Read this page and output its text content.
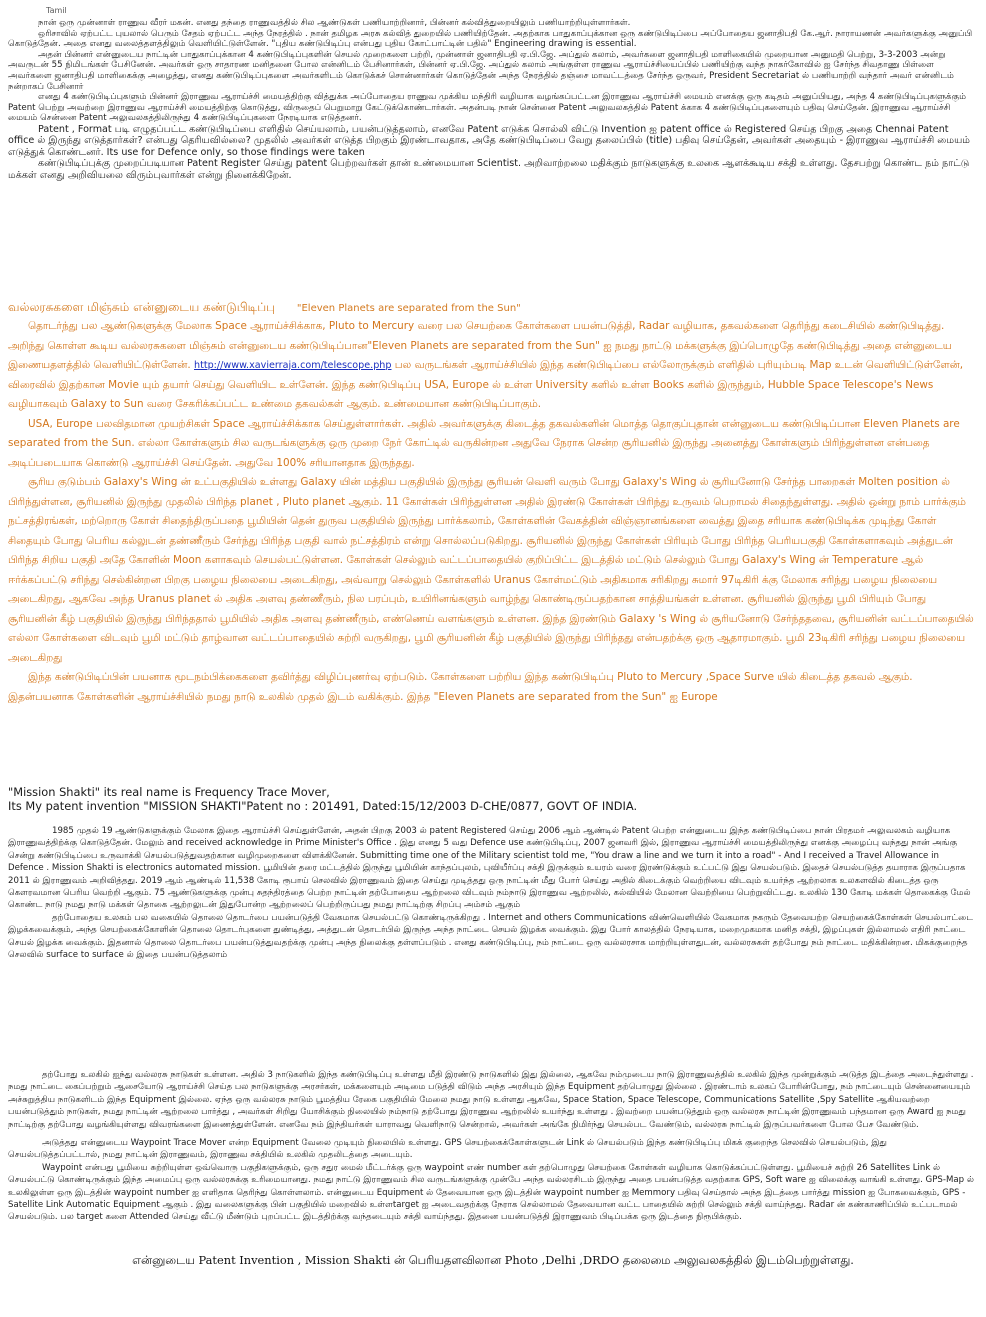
Tamil

நான் ஒரு முன்னாள் ராணுவ வீரர் மகன். எனது தந்தை ராணுவத்தில் சில ஆண்டுகள் பணியாற்றினார், பின்னர் கல்வித்துறையிலும் பணியாற்றியுள்ளார்கள்.

ஒரிசாவில் ஏற்பட்ட புயலால் பெரும் சேதம் ஏற்பட்ட அந்த நேரத்தில் . நான் தமிழக அரசு கல்வித் துறையில் பணியிற்தேன். அதற்காக பாதுகாப்புக்கான ஒரு கண்டுபிடிப்பை அப்போதைய ஜனாதிபதி கே.ஆர். நாராயணன் அவர்களுக்கு அனுப்பி கொடுத்தேன். அதை எனது வலைத்தளத்திலும் வெளியிட்டுள்ளேன். "புதிய கண்டுபிடிப்பு என்பது புதிய கோட்பாட்டின் பதில்" Engineering drawing is essential.

அதன் பின்னர் என்னுடைய நாட்டின் பாதுகாப்புக்கான 4 கண்டுபிடிப்புகளின் செயல் முறைகளை பற்றி, முன்னாள் ஜனாதிபதி ஏ.பி.ஜே. அப்துல் கலாம், அவர்களை ஜனாதிபதி மாளிகையில் முறையான அனுமதி பெற்று, 3-3-2003 அன்று அவருடன் 55 நிமிடங்கள் பேசினேன். அவர்கள் ஒரு சாதாரண மனிதனை போல என்னிடம் பேசினார்கள், பின்னர் ஏ.பி.ஜே. அப்துல் கலாம் அங்குள்ள ராணுவ ஆராய்ச்சியைப்பில் பணியிற்கு வந்த நாகர்கோவில் ஐ சேர்ந்த சிவதாணு பிள்ளை அவர்களை ஜனாதிபதி மாளிகைக்கு அழைத்து, எனது கண்டுபிடிப்புகளை அவர்களிடம் கொடுக்கச் சொன்னார்கள் கொடுத்தேன் அந்த நேரத்தில் தஞ்சை மாவட்டத்தை சேர்ந்த ஒருவர், President Secretariat ல் பணியாற்றி வந்தார் அவர் என்னிடம் நன்றாகப் பேசினார்

எனது 4 கண்டுபிடிப்புகளும் பின்னர் இராணுவ ஆராய்ச்சி மையத்திற்கு வித்துக்க அப்போதைய ராணுவ முக்கிய மந்திரி வழியாக வழங்கப்பட்டன இராணுவ ஆராய்ச்சி மையம் எனக்கு ஒரு கடிதம் அனுப்பியது, அந்த 4 கண்டுபிடிப்புகளுக்கும் Patent பெற்று அவற்றை இராணுவ ஆராய்ச்சி மையத்திற்கு கொடுத்து, விருதைப் பெறுமாறு கேட்டுக்கொண்டார்கள். அதன்படி நான் சென்னை Patent அலுவலகத்தில் Patent க்காக 4 கண்டுபிடிப்புகளையும் பதிவு செய்தேன். இராணுவ ஆராய்ச்சி மையம் சென்னை Patent அலுவலகத்திலிருந்து 4 கண்டுபிடிப்புகளை நேரடியாக எடுத்தனர்.

Patent , Format படி எழுதப்பட்ட கண்டுபிடிப்பை எளிதில் செய்யலாம், பயன்படுத்தலாம், எனவே Patent எடுக்க சொல்லி விட்டு Invention ஐ patent office ல் Registered செய்த பிறகு அதை Chennai Patent office ல் இருந்து எடுத்தார்கள்? என்பது தெரியவில்லை? முதலில் அவர்கள் எடுத்த பிறகும் இரண்டாவதாக, அதே கண்டுபிடிப்பை வேறு தலைப்பில் (title) பதிவு செய்தேன், அவர்கள் அதையும் - இராணுவ ஆராய்ச்சி மையம் எடுத்துக் கொண்டனர். Its use for Defence only, so those findings were taken

கண்டுபிடிப்புக்கு முறைப்படியான Patent Register செய்து patent பெற்றவர்கள் தான் உண்மையான Scientist. அறிவாற்றலை மதிக்கும் நாடுகளுக்கு உலகை ஆளக்கூடிய சக்தி உள்ளது. தேசபற்று கொண்ட நம் நாட்டு மக்கள் எனது அறிவியலை விரும்புவார்கள் என்று நினைக்கிறேன்.

வல்லரசுகளை மிஞ்சும் என்னுடைய கண்டுபிடிப்பு "Eleven Planets are separated from the Sun"

தொடர்ந்து பல ஆண்டுகளுக்கு மேலாக Space ஆராய்ச்சிக்காக, Pluto to Mercury வரை பல செயற்கை கோள்களை பயன்படுத்தி, Radar வழியாக, தகவல்களை தெரிந்து கடைசியில் கண்டுபிடித்து. அறிந்து கொள்ள கூடிய வல்லரசுகளை மிஞ்சும் என்னுடைய கண்டுபிடிப்பான"Eleven Planets are separated from the Sun" ஐ நமது நாட்டு மக்களுக்கு இப்பொழுதே கண்டுபிடித்து அதை என்னுடைய இணையதளத்தில் வெளியிட்டுள்ளேன். http://www.xavierraja.com/telescope.php பல வருடங்கள் ஆராய்ச்சியில் இந்த கண்டுபிடிப்பை எல்லோருக்கும் எளிதில் புரியும்படி Map உடன் வெளியிட்டுள்ளேன், விரைவில் இதற்கான Movie யும் தயார் செய்து வெளியிட உள்ளேன். இந்த கண்டுபிடிப்பு USA, Europe ல் உள்ள University களில் உள்ள Books களில் இருந்தும், Hubble Space Telescope's News வழியாகவும் Galaxy to Sun வரை சேகரிக்கப்பட்ட உண்மை தகவல்கள் ஆகும். உண்மையான கண்டுபிடிப்பாகும்.

USA, Europe பலவிதமான முயற்சிகள் Space ஆராய்ச்சிக்காக செய்துள்ளார்கள். அதில் அவர்களுக்கு கிடைத்த தகவல்களின் மொத்த தொகுப்புதான் என்னுடைய கண்டுபிடிப்பான Eleven Planets are separated from the Sun. எல்லா கோள்களும் சில வருடங்களுக்கு ஒரு முறை நேர் கோட்டில் வருகின்றன அதுவே நேராக சென்ற சூரியனில் இருந்து அனைத்து கோள்களும் பிரிந்துள்ளன என்பதை அடிப்படையாக கொண்டு ஆராய்ச்சி செய்தேன். அதுவே 100% சரியானதாக இருந்தது.

சூரிய குடும்பம் Galaxy's Wing ன் உட்பகுதியில் உள்ளது Galaxy யின் மத்திய பகுதியில் இருந்து சூரியன் வெளி வரும் போது Galaxy's Wing ல் சூரியனோடு சேர்ந்த பாறைகள் Molten position ல் பிரிந்துள்ளன, சூரியனில் இருந்து முதலில் பிரிந்த planet , Pluto planet ஆகும். 11 கோள்கள் பிரிந்துள்ளன அதில் இரண்டு கோள்கள் பிரிந்து உருவம் பெறாமல் சிதைந்துள்ளது. அதில் ஒன்று நாம் பார்க்கும் நட்சத்திரங்கள், மற்றொரு கோள் சிதைந்திருப்பதை பூமியின் தென் துருவ பகுதியில் இருந்து பார்க்கலாம், கோள்களின் வேகத்தின் விஞ்ஞானங்களை வைத்து இதை சரியாக கண்டுபிடிக்க முடிந்து கோள் சிதையும் போது பெரிய கல்லுடன் தண்ணீரும் சேர்ந்து பிரிந்த பகுதி வால் நட்சத்திரம் என்று சொல்லப்படுகிறது. சூரியனில் இருந்து கோள்கள் பிரியும் போது பிரிந்த பெரியபகுதி கோள்களாகவும் அத்துடன் பிரிந்த சிறிய பகுதி அதே கோளின் Moon களாகவும் செயல்பட்டுள்ளன. கோள்கள் செல்லும் வட்டப்பாதையில் குறிப்பிட்ட இடத்தில் மட்டும் செல்லும் போது Galaxy's Wing ன் Temperature ஆல் ஈர்க்கப்பட்டு சரிந்து செல்கின்றன பிறகு பழைய நிலையை அடைகிறது, அவ்வாறு செல்லும் கோள்களில் Uranus கோள்மட்டும் அதிகமாக சரிகிறது சுமார் 97டிகிரி க்கு மேலாக சரிந்து பழைய நிலையை அடைகிறது, ஆகவே அந்த Uranus planet ல் அதிக அளவு தண்ணீரும், நில பரப்பும், உயிரினங்களும் வாழ்ந்து கொண்டிருப்பதற்கான சாத்தியங்கள் உள்ளன. சூரியனில் இருந்து பூமி பிரியும் போது சூரியனின் கீழ் பகுதியில் இருந்து பிரிந்ததால் பூமியில் அதிக அளவு தண்ணீரும், எண்ணெய் வளங்களும் உள்ளன. இந்த இரண்டும் Galaxy 's Wing ல் சூரியனோடு சேர்ந்ததவை, சூரியனின் வட்டப்பாதையில் எல்லா கோள்களை விடவும் பூமி மட்டும் தாழ்வான வட்டப்பாதையில் சுற்றி வருகிறது, பூமி சூரியனின் கீழ் பகுதியில் இருந்து பிரிந்தது என்பதற்க்கு ஒரு ஆதாரமாகும். பூமி 23டிகிரி சரிந்து பழைய நிலையை அடைகிறது

இந்த கண்டுபிடிப்பின் பயனாக மூடநம்பிக்கைகளை தவிர்த்து விழிப்புணர்வு ஏற்படும். கோள்களை பற்றிய இந்த கண்டுபிடிப்பு Pluto to Mercury ,Space Surve யில் கிடைத்த தகவல் ஆகும். இதன்பயனாக கோள்களின் ஆராய்ச்சியில் நமது நாடு உலகில் முதல் இடம் வகிக்கும். இந்த "Eleven Planets are separated from the Sun" ஐ Europe

"Mission Shakti" its real name is Frequency Trace Mover,
Its My patent invention "MISSION SHAKTI"Patent no : 201491, Dated:15/12/2003 D-CHE/0877, GOVT OF INDIA.

1985 முதல் 19 ஆண்டுகளுக்கும் மேலாக இதை ஆராய்ச்சி செய்துள்ளேன், அதன் பிறகு 2003 ல் patent Registered செய்து 2006 ஆம் ஆண்டில் Patent பெற்ற என்னுடைய இந்த கண்டுபிடிப்பை நான் பிரதமர் அலுவலகம் வழியாக இராணுவத்திற்க்கு கொடுத்தேன். மேலும் and received acknowledge in Prime Minister's Office . இது எனது 5 வது Defence use கண்டுபிடிப்பு, 2007 ஜனவரி இல், இராணுவ ஆராய்ச்சி மையத்திலிருந்து எனக்கு அழைப்பு வந்தது நான் அங்கு சென்று கண்டுபிடிப்பை உருவாக்கி செயல்படுத்துவதற்கான வழிமுறைகளை விளக்கினேன். Submitting time one of the Military scientist told me, "You draw a line and we turn it into a road" - And I received a Travel Allowance in Defence . Mission Shakti is electronics automated mission. பூமியின் தரை மட்டத்தில் இருந்து பூமியின் காந்தப்புலம், புவியீர்ப்பு சக்தி இருக்கும் உயரம் வரை இரண்டுக்கும் உட்பட்டு இது செயல்படும். இதைச் செயல்படுத்த தயாராக இருப்பதாக 2011 ல் இராணுவம் அறிவித்தது. 2019 ஆம் ஆண்டில் 11,538 கோடி ரூபாய் செலவில் இராணுவம் இதை செய்து முடித்தது ஒரு நாட்டின் மீது போர் செய்து அதில் கிடைக்கும் வெற்றியை விடவும் உயர்ந்த ஆற்றலாக உலகளவில் கிடைத்த ஒரு கௌரவமான பெரிய வெற்றி ஆகும். 75 ஆண்டுகளுக்கு முன்பு சுதந்திரத்தை பெற்ற நாட்டின் தற்போதைய ஆற்றலை விடவும் நம்நாடு இராணுவ ஆற்றலில், கல்வியில் மேலான வெற்றியை பெற்றுவிட்டது. உலகில் 130 கோடி மக்கள் தொகைக்கு மேல் கொண்ட நாடு நமது நாடு மக்கள் தொகை ஆற்றலுடன் இதுபோன்ற ஆற்றலைப் பெற்றிருப்பது நமது நாட்டிற்கு சிறப்பு அம்சம் ஆகும்

தற்போதைய உலகம் பல வகையில் தொலை தொடர்பை பயன்படுத்தி வேகமாக செயல்பட்டு கொண்டிருக்கிறது . Internet and others Communications விண்வெளியில் வேகமாக நகரும் தேவையற்ற செயற்கைக்கோள்கள் செயல்பாட்டை இழக்கவைக்கும், அந்த செயற்கைக்கோளின் தொலை தொடர்புகளை துண்டித்து, அத்துடன் தொடர்பில் இருந்த அந்த நாட்டை செயல் இழக்க வைக்கும். இது போர் காலத்தில் நேரடியாக, மறைமுகமாக மனித சக்தி, இழப்புகள் இல்லாமல் எதிரி நாட்டை செயல் இழக்க வைக்கும். இதனால் தொலை தொடர்பை பயன்படுத்துவதற்க்கு முன்பு அந்த நிலைக்கு தள்ளப்படும் . எனது கண்டுபிடிப்பு, நம் நாட்டை ஒரு வல்லரசாக மாற்றியுள்ளதுடன், வல்லரசுகள் தற்போது நம் நாட்டை மதிக்கின்றன. மிகக்குறைந்த செலவில் surface to surface ல் இதை பயன்படுத்தலாம்

தற்போது உலகில் ஐந்து வல்லரசு நாடுகள் உள்ளன. அதில் 3 நாடுகளில் இந்த கண்டுபிடிப்பு உள்ளது மீதி இரண்டு நாடுகளில் இது இல்லை, ஆகவே நம்முடைய நாடு இராணுவத்தில் உலகில் இந்த முன்றுக்கும் அடுத்த இடத்தை அடைந்துள்ளது . நமது நாட்டை கைப்பற்றும் ஆசையோடு ஆராய்ச்சி செய்த பல நாடுகளுக்கு அரசர்கள், மக்களையும் அடிமை படுத்தி விடும் அந்த அரசியும் இந்த Equipment தற்பொழுது இல்லை . இரண்டாம் உலகப் போரின்போது, நம் நாட்டையும் சென்னையையும் அச்சுறுத்திய நாடுகளிடம் இந்த Equipment இல்லை. ஏந்த ஒரு வல்லரசு நாடும் பூமத்திய ரேகை பகுதியில் மேலை நமது நாடு உள்ளது ஆகவே, Space Station, Space Telescope, Communications Satellite ,Spy Satellite ஆகியவற்றை பயன்படுத்தும் நாடுகள், நமது நாட்டின் ஆற்றலை பார்த்து , அவர்கள் சிறிது யோசிக்கும் நிலையில் நம்நாடு தற்போது இராணுவ ஆற்றலில் உயர்ந்து உள்ளது . இவற்றை பயன்படுத்தும் ஒரு வல்லரசு நாட்டின் இராணுவம் பந்தமான ஒரு Award ஐ நமது நாட்டிற்கு தற்போது வழங்கியுள்ளது விவரங்களை இணைத்துள்ளேன். எனவே நம் இந்தியர்கள் யாராவது வெளிநாடு சென்றால், அவர்கள் அங்கே நிமிர்ந்து செயல்பட வேண்டும், வல்லரசு நாட்டில் இருப்பவர்களை போல பேச வேண்டும்.

அடுத்தது என்னுடைய Waypoint Trace Mover என்ற Equipment வேலை முடியும் நிலையில் உள்ளது. GPS செயற்கைக்கோள்களுடன் Link ல் செயல்படும் இந்த கண்டுபிடிப்பு மிகக் குறைந்த செலவில் செயல்படும், இது செயல்படுத்தப்பட்டால், நமது நாட்டின் இராணுவம், இராணுவ சக்தியில் உலகில் முதலிடத்தை அடையும்.

Waypoint என்பது பூமியை சுற்றியுள்ள ஒவ்வொரு பகுதிகளுக்கும், ஒரு சதுர மைல் மீட்டர்க்கு ஒரு waypoint எண் number கள் தற்பொழுது செயற்கை கோள்கள் வழியாக கொடுக்கப்பட்டுள்ளது. பூமியைச் சுற்றி 26 Satellites Link ல் செயல்பட்டு கொண்டிருக்கும் இந்த அமைப்பு ஒரு வல்லரசுக்கு உரிமையானது. நமது நாட்டு இராணுவம் சில வருடங்களுக்கு முன்பே அந்த வல்லரசிடம் இருந்து அதை பயன்படுத்த வதற்காக GPS, Soft ware ஐ விலைக்கு வாங்கி உள்ளது. GPS-Map ல் உலகிலுள்ள ஒரு இடத்தின் waypoint number ஐ எளிதாக தெரிந்து கொள்ளலாம். என்னுடைய Equipment ல் தேவையான ஒரு இடத்தின் waypoint number ஐ Memmory பதிவு செய்தால் அந்த இடத்தை பார்த்து mission ஐ போகவைக்கும், GPS -Satellite Link Automatic Equipment ஆகும் . இது வலைகளுக்கு பின் பகுதியில் மறைவில் உள்ளtarget ஐ அடைவதற்க்கு நேராக செல்லாமல் தேவையான வட்ட பாதையில் சுற்றி செல்லும் சக்தி வாய்ந்தது. Radar ன் கண்காணிப்பில் உட்படாமல் செயல்படும். பல target களை Attended செய்து வீட்டு மீண்டும் புறப்பட்ட இடத்திற்க்கு வந்தடையும் சக்தி வாய்ந்தது. இதனை பயன்படுத்தி இராணுவம் பிடிப்பக்க ஒரு இடத்தை நிரூபிக்கும்.

என்னுடைய Patent Invention , Mission Shakti ன் பெரியதளவிலான Photo ,Delhi ,DRDO தலைமை அலுவலகத்தில் இடம்பெற்றுள்ளது.
